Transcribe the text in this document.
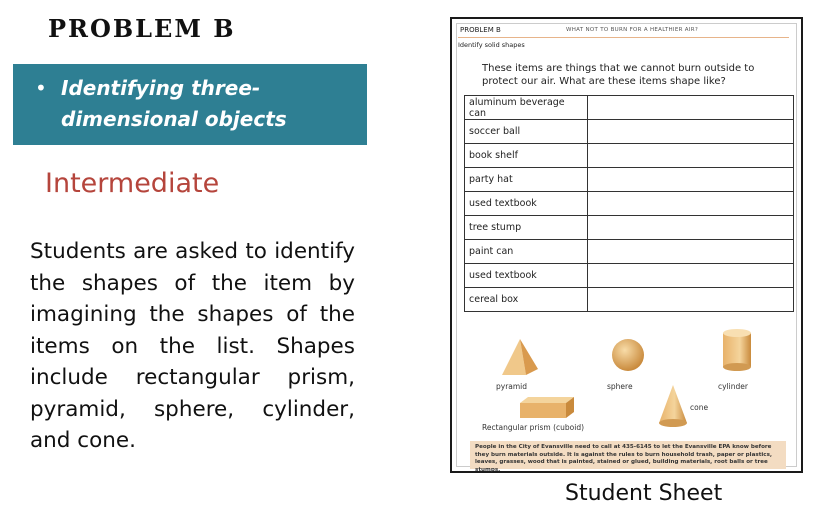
PROBLEM B
• Identifying three-dimensional objects
Intermediate
Students are asked to identify the shapes of the item by imagining the shapes of the items on the list. Shapes include rectangular prism, pyramid, sphere, cylinder, and cone.
PROBLEM B	WHAT NOT TO BURN FOR A HEALTHIER AIR?
Identify solid shapes
These items are things that we cannot burn outside to protect our air. What are these items shape like?
aluminum beverage can	
soccer ball	
book shelf	
party hat	
used textbook	
tree stump	
paint can	
used textbook	
cereal box	
pyramid	sphere	cylinder
Rectangular prism (cuboid)
cone
People in the City of Evansville need to call at 435-6145 to let the Evansville EPA know before they burn materials outside. It is against the rules to burn household trash, paper or plastics, leaves, grasses, wood that is painted, stained or glued, building materials, root balls or tree stumps.
Student Sheet
